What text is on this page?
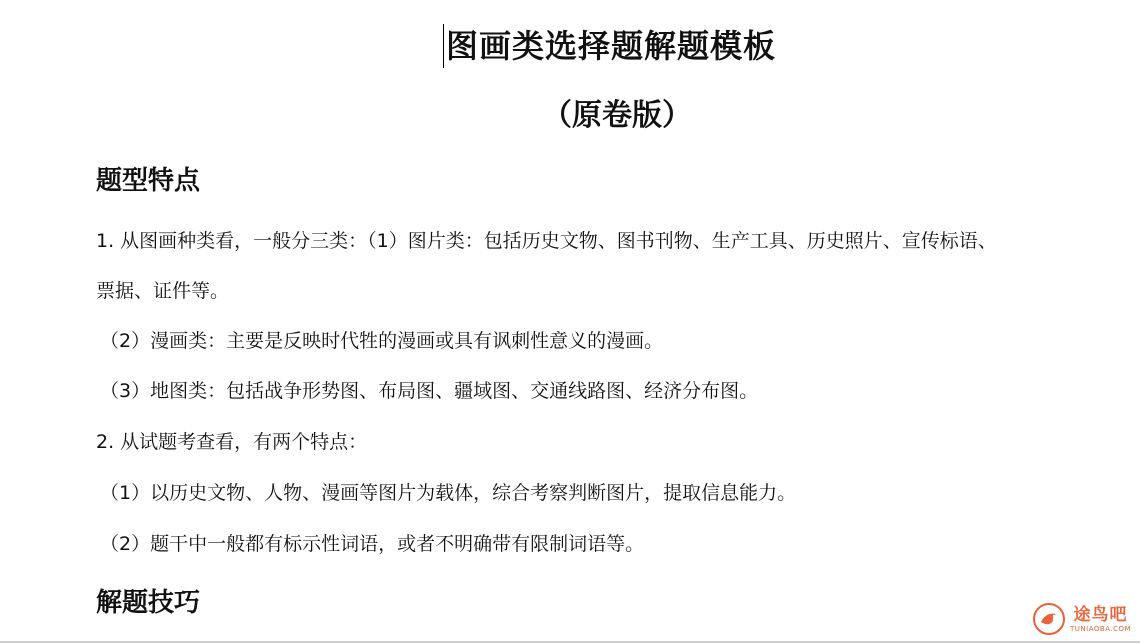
图画类选择题解题模板
（原卷版）
题型特点
1. 从图画种类看，一般分三类：（1）图片类：包括历史文物、图书刊物、生产工具、历史照片、宣传标语、
票据、证件等。
（2）漫画类：主要是反映时代牲的漫画或具有讽刺性意义的漫画。
（3）地图类：包括战争形势图、布局图、疆域图、交通线路图、经济分布图。
2. 从试题考查看，有两个特点：
（1）以历史文物、人物、漫画等图片为载体，综合考察判断图片，提取信息能力。
（2）题干中一般都有标示性词语，或者不明确带有限制词语等。
解题技巧	途鸟吧
TUNIAOBA.COM
